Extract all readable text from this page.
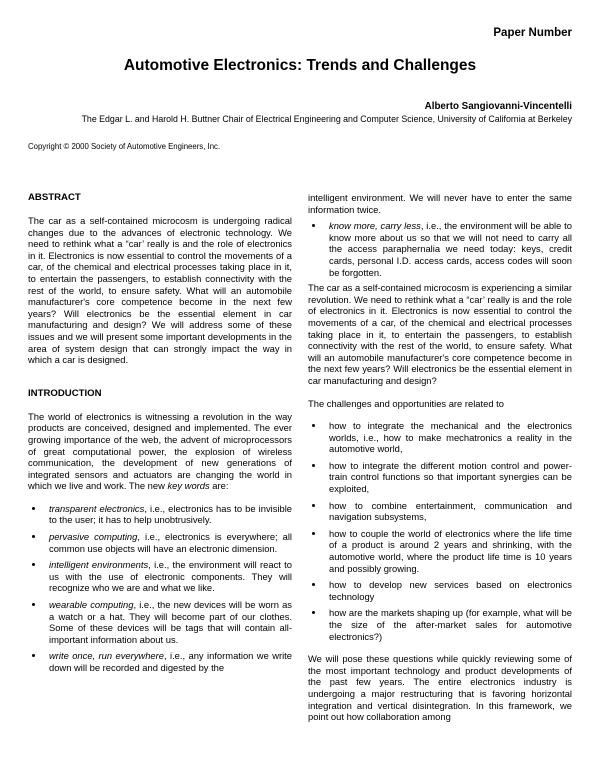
Paper Number
Automotive Electronics: Trends and Challenges
Alberto Sangiovanni-Vincentelli
The Edgar L. and Harold H. Buttner Chair of Electrical Engineering and Computer Science, University of California at Berkeley
Copyright © 2000 Society of Automotive Engineers, Inc.
ABSTRACT

The car as a self-contained microcosm is undergoing radical changes due to the advances of electronic technology. We need to rethink what a “car’ really is and the role of electronics in it. Electronics is now essential to control the movements of a car, of the chemical and electrical processes taking place in it, to entertain the passengers, to establish connectivity with the rest of the world, to ensure safety. What will an automobile manufacturer's core competence become in the next few years? Will electronics be the essential element in car manufacturing and design? We will address some of these issues and we will present some important developments in the area of system design that can strongly impact the way in which a car is designed.

INTRODUCTION

The world of electronics is witnessing a revolution in the way products are conceived, designed and implemented. The ever growing importance of the web, the advent of microprocessors of great computational power, the explosion of wireless communication, the development of new generations of integrated sensors and actuators are changing the world in which we live and work. The new key words are:

• transparent electronics, i.e., electronics has to be invisible to the user; it has to help unobtrusively.
• pervasive computing, i.e., electronics is everywhere; all common use objects will have an electronic dimension.
• intelligent environments, i.e., the environment will react to us with the use of electronic components. They will recognize who we are and what we like.
• wearable computing, i.e., the new devices will be worn as a watch or a hat. They will become part of our clothes. Some of these devices will be tags that will contain all-important information about us.
• write once, run everywhere, i.e., any information we write down will be recorded and digested by the

intelligent environment. We will never have to enter the same information twice.

• know more, carry less, i.e., the environment will be able to know more about us so that we will not need to carry all the access paraphernalia we need today: keys, credit cards, personal I.D. access cards, access codes will soon be forgotten.

The car as a self-contained microcosm is experiencing a similar revolution. We need to rethink what a “car’ really is and the role of electronics in it. Electronics is now essential to control the movements of a car, of the chemical and electrical processes taking place in it, to entertain the passengers, to establish connectivity with the rest of the world, to ensure safety. What will an automobile manufacturer's core competence become in the next few years? Will electronics be the essential element in car manufacturing and design?

The challenges and opportunities are related to

• how to integrate the mechanical and the electronics worlds, i.e., how to make mechatronics a reality in the automotive world,
• how to integrate the different motion control and power-train control functions so that important synergies can be exploited,
• how to combine entertainment, communication and navigation subsystems,
• how to couple the world of electronics where the life time of a product is around 2 years and shrinking, with the automotive world, where the product life time is 10 years and possibly growing.
• how to develop new services based on electronics technology
• how are the markets shaping up (for example, what will be the size of the after-market sales for automotive electronics?)

We will pose these questions while quickly reviewing some of the most important technology and product developments of the past few years. The entire electronics industry is undergoing a major restructuring that is favoring horizontal integration and vertical disintegration. In this framework, we point out how collaboration among
